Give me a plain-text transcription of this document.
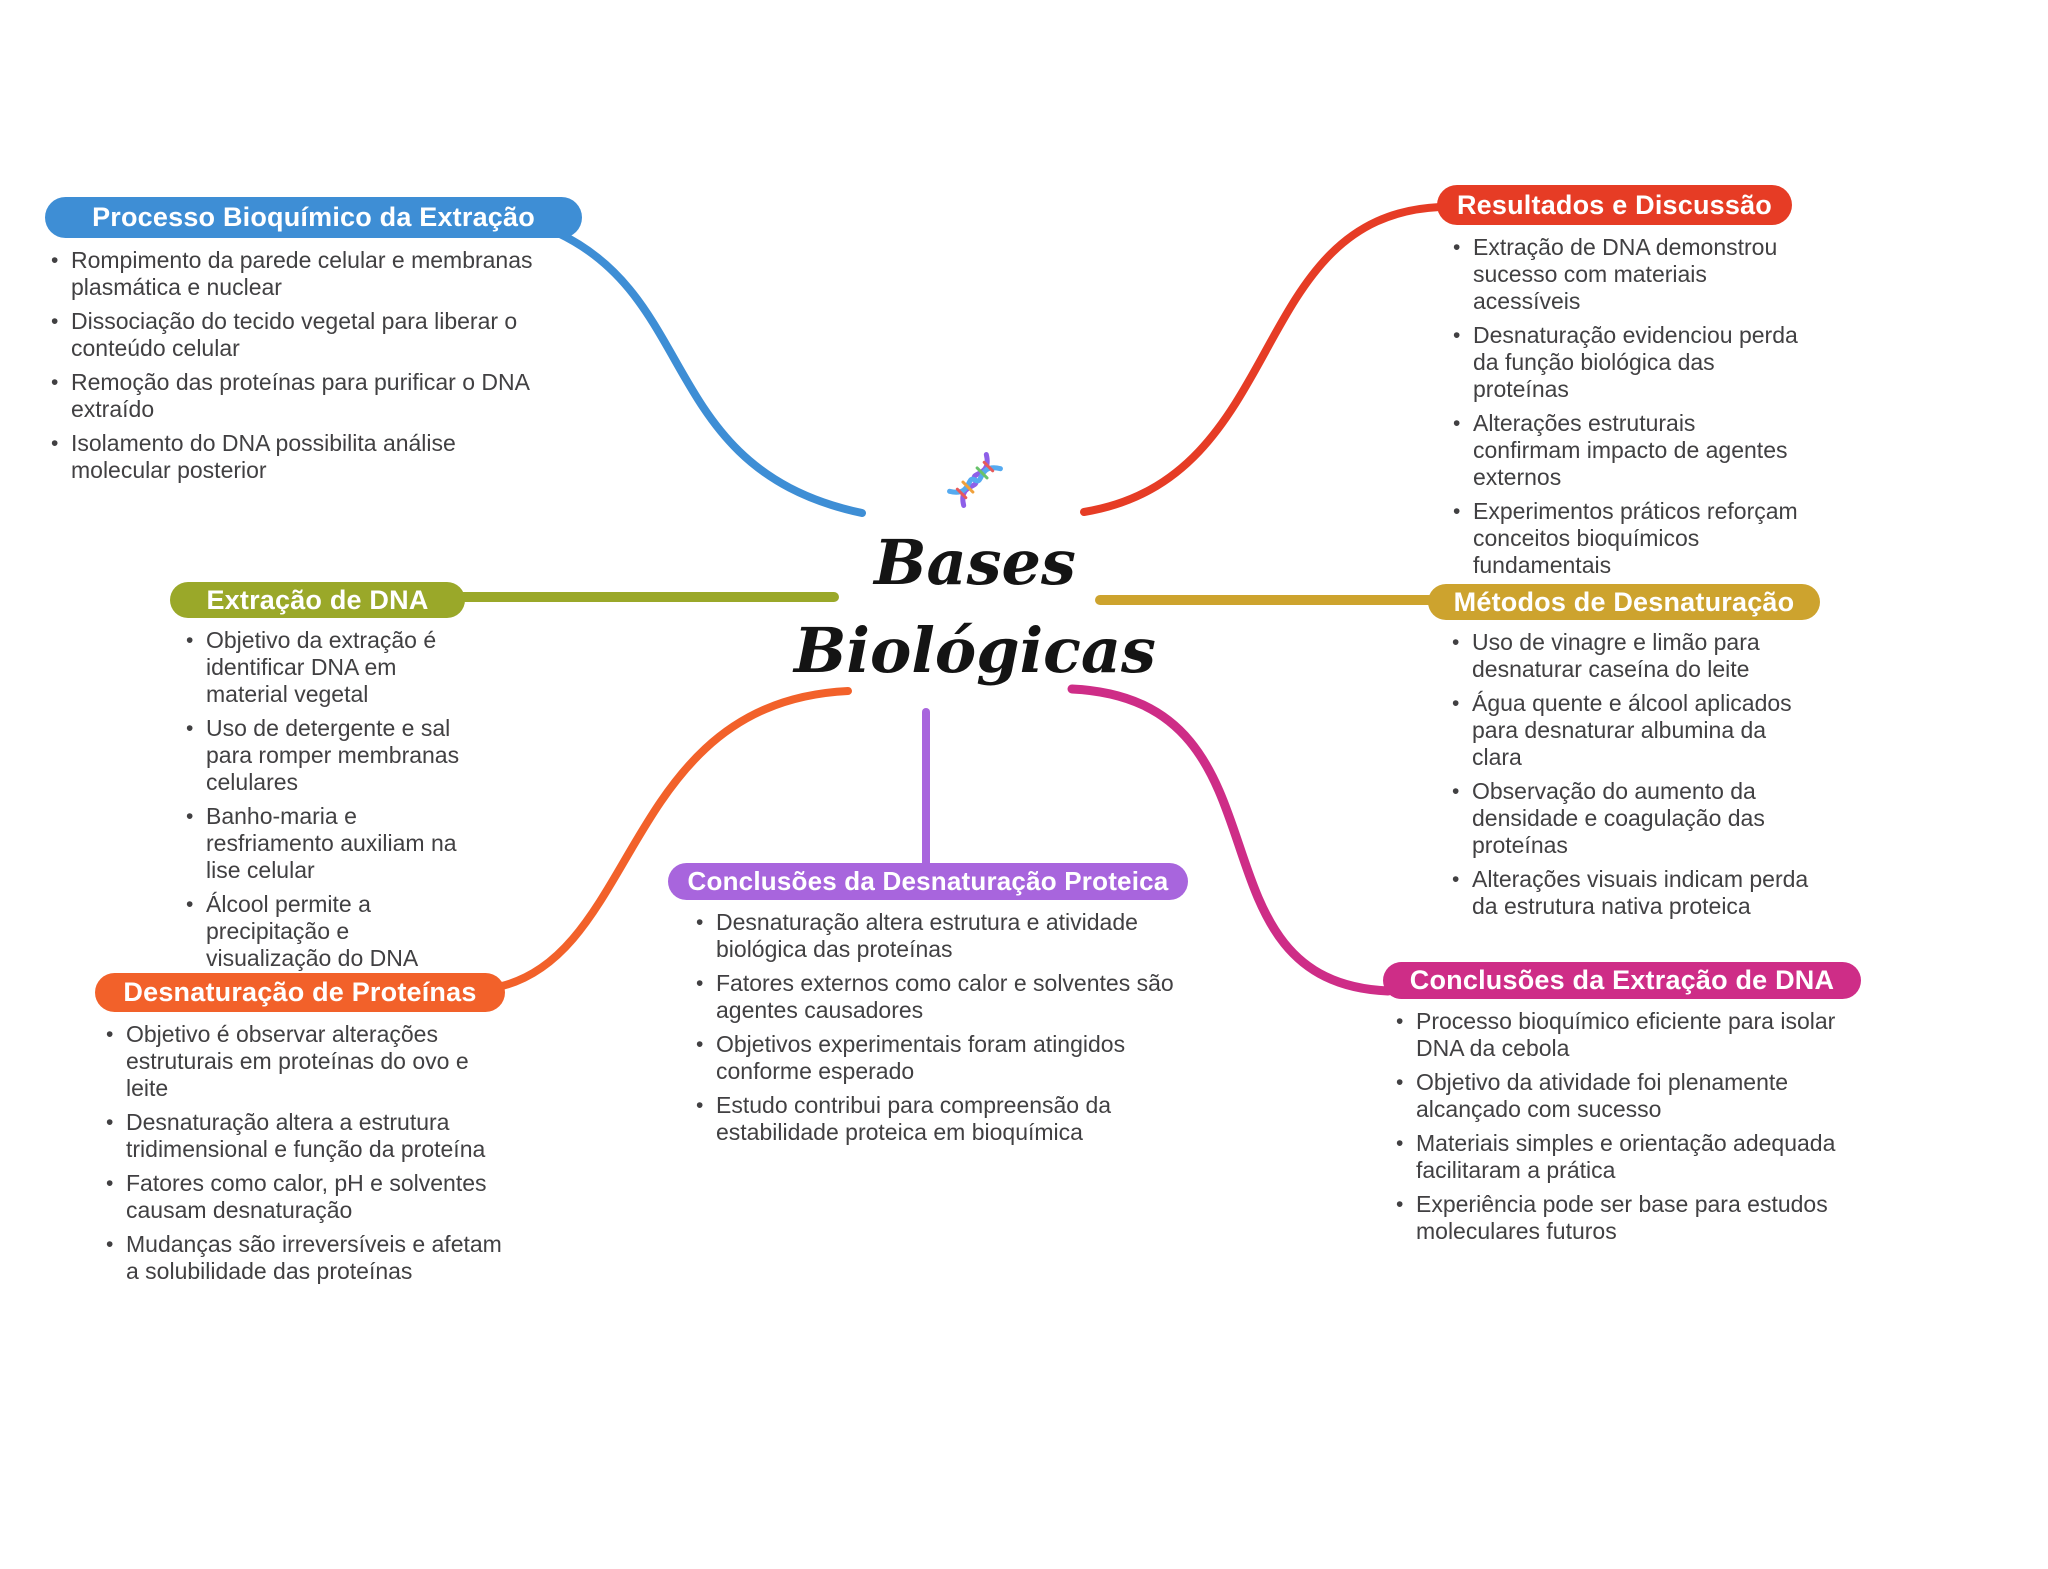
Bases
Biológicas
Processo Bioquímico da Extração
• Rompimento da parede celular e membranas plasmática e nuclear
• Dissociação do tecido vegetal para liberar o conteúdo celular
• Remoção das proteínas para purificar o DNA extraído
• Isolamento do DNA possibilita análise molecular posterior
Extração de DNA
• Objetivo da extração é identificar DNA em material vegetal
• Uso de detergente e sal para romper membranas celulares
• Banho-maria e resfriamento auxiliam na lise celular
• Álcool permite a precipitação e visualização do DNA
Desnaturação de Proteínas
• Objetivo é observar alterações estruturais em proteínas do ovo e leite
• Desnaturação altera a estrutura tridimensional e função da proteína
• Fatores como calor, pH e solventes causam desnaturação
• Mudanças são irreversíveis e afetam a solubilidade das proteínas
Resultados e Discussão
• Extração de DNA demonstrou sucesso com materiais acessíveis
• Desnaturação evidenciou perda da função biológica das proteínas
• Alterações estruturais confirmam impacto de agentes externos
• Experimentos práticos reforçam conceitos bioquímicos fundamentais
Métodos de Desnaturação
• Uso de vinagre e limão para desnaturar caseína do leite
• Água quente e álcool aplicados para desnaturar albumina da clara
• Observação do aumento da densidade e coagulação das proteínas
• Alterações visuais indicam perda da estrutura nativa proteica
Conclusões da Extração de DNA
• Processo bioquímico eficiente para isolar DNA da cebola
• Objetivo da atividade foi plenamente alcançado com sucesso
• Materiais simples e orientação adequada facilitaram a prática
• Experiência pode ser base para estudos moleculares futuros
Conclusões da Desnaturação Proteica
• Desnaturação altera estrutura e atividade biológica das proteínas
• Fatores externos como calor e solventes são agentes causadores
• Objetivos experimentais foram atingidos conforme esperado
• Estudo contribui para compreensão da estabilidade proteica em bioquímica
